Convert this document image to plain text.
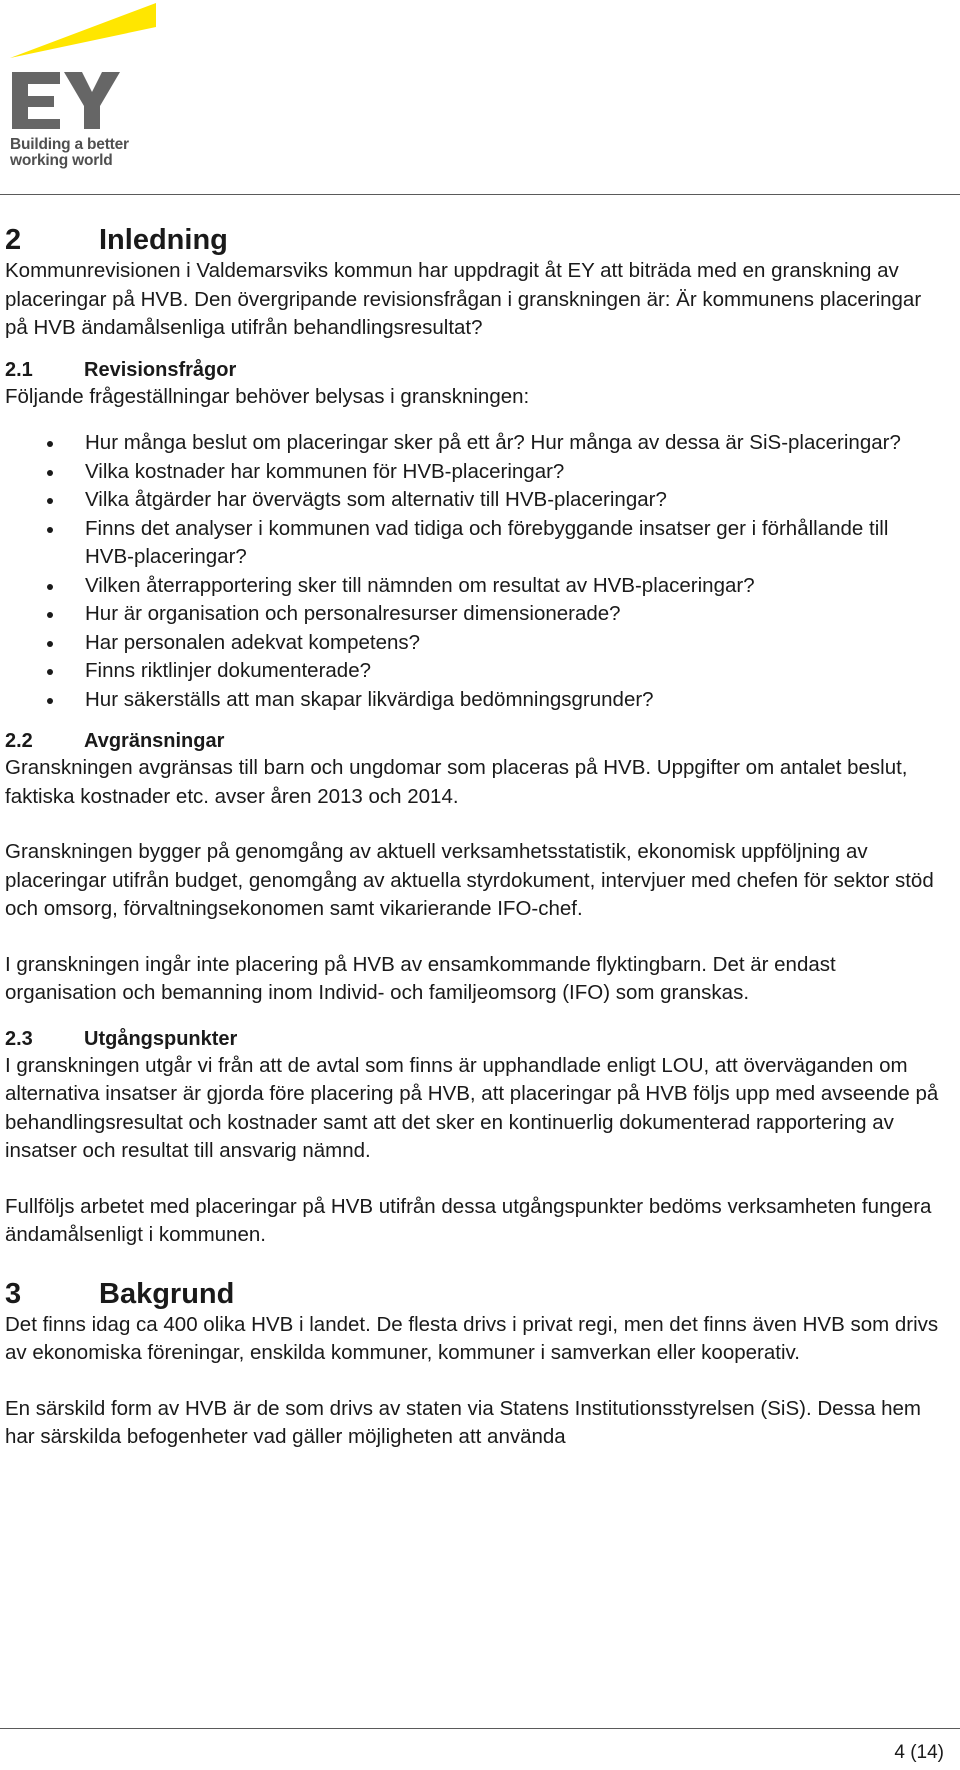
Building a better
working world
2	Inledning

Kommunrevisionen i Valdemarsviks kommun har uppdragit åt EY att biträda med en granskning av placeringar på HVB. Den övergripande revisionsfrågan i granskningen är: Är kommunens placeringar på HVB ändamålsenliga utifrån behandlingsresultat?

2.1	Revisionsfrågor

Följande frågeställningar behöver belysas i granskningen:

Hur många beslut om placeringar sker på ett år? Hur många av dessa är SiS-placeringar?
Vilka kostnader har kommunen för HVB-placeringar?
Vilka åtgärder har övervägts som alternativ till HVB-placeringar?
Finns det analyser i kommunen vad tidiga och förebyggande insatser ger i förhållande till HVB-placeringar?
Vilken återrapportering sker till nämnden om resultat av HVB-placeringar?
Hur är organisation och personalresurser dimensionerade?
Har personalen adekvat kompetens?
Finns riktlinjer dokumenterade?
Hur säkerställs att man skapar likvärdiga bedömningsgrunder?
2.2	Avgränsningar

Granskningen avgränsas till barn och ungdomar som placeras på HVB. Uppgifter om antalet beslut, faktiska kostnader etc. avser åren 2013 och 2014.

Granskningen bygger på genomgång av aktuell verksamhetsstatistik, ekonomisk uppföljning av placeringar utifrån budget, genomgång av aktuella styrdokument, intervjuer med chefen för sektor stöd och omsorg, förvaltningsekonomen samt vikarierande IFO-chef.

I granskningen ingår inte placering på HVB av ensamkommande flyktingbarn. Det är endast organisation och bemanning inom Individ- och familjeomsorg (IFO) som granskas.

2.3	Utgångspunkter

I granskningen utgår vi från att de avtal som finns är upphandlade enligt LOU, att överväganden om alternativa insatser är gjorda före placering på HVB, att placeringar på HVB följs upp med avseende på behandlingsresultat och kostnader samt att det sker en kontinuerlig dokumenterad rapportering av insatser och resultat till ansvarig nämnd.

Fullföljs arbetet med placeringar på HVB utifrån dessa utgångspunkter bedöms verksamheten fungera ändamålsenligt i kommunen.

3	Bakgrund

Det finns idag ca 400 olika HVB i landet. De flesta drivs i privat regi, men det finns även HVB som drivs av ekonomiska föreningar, enskilda kommuner, kommuner i samverkan eller kooperativ.

En särskild form av HVB är de som drivs av staten via Statens Institutionsstyrelsen (SiS). Dessa hem har särskilda befogenheter vad gäller möjligheten att använda

4 (14)
